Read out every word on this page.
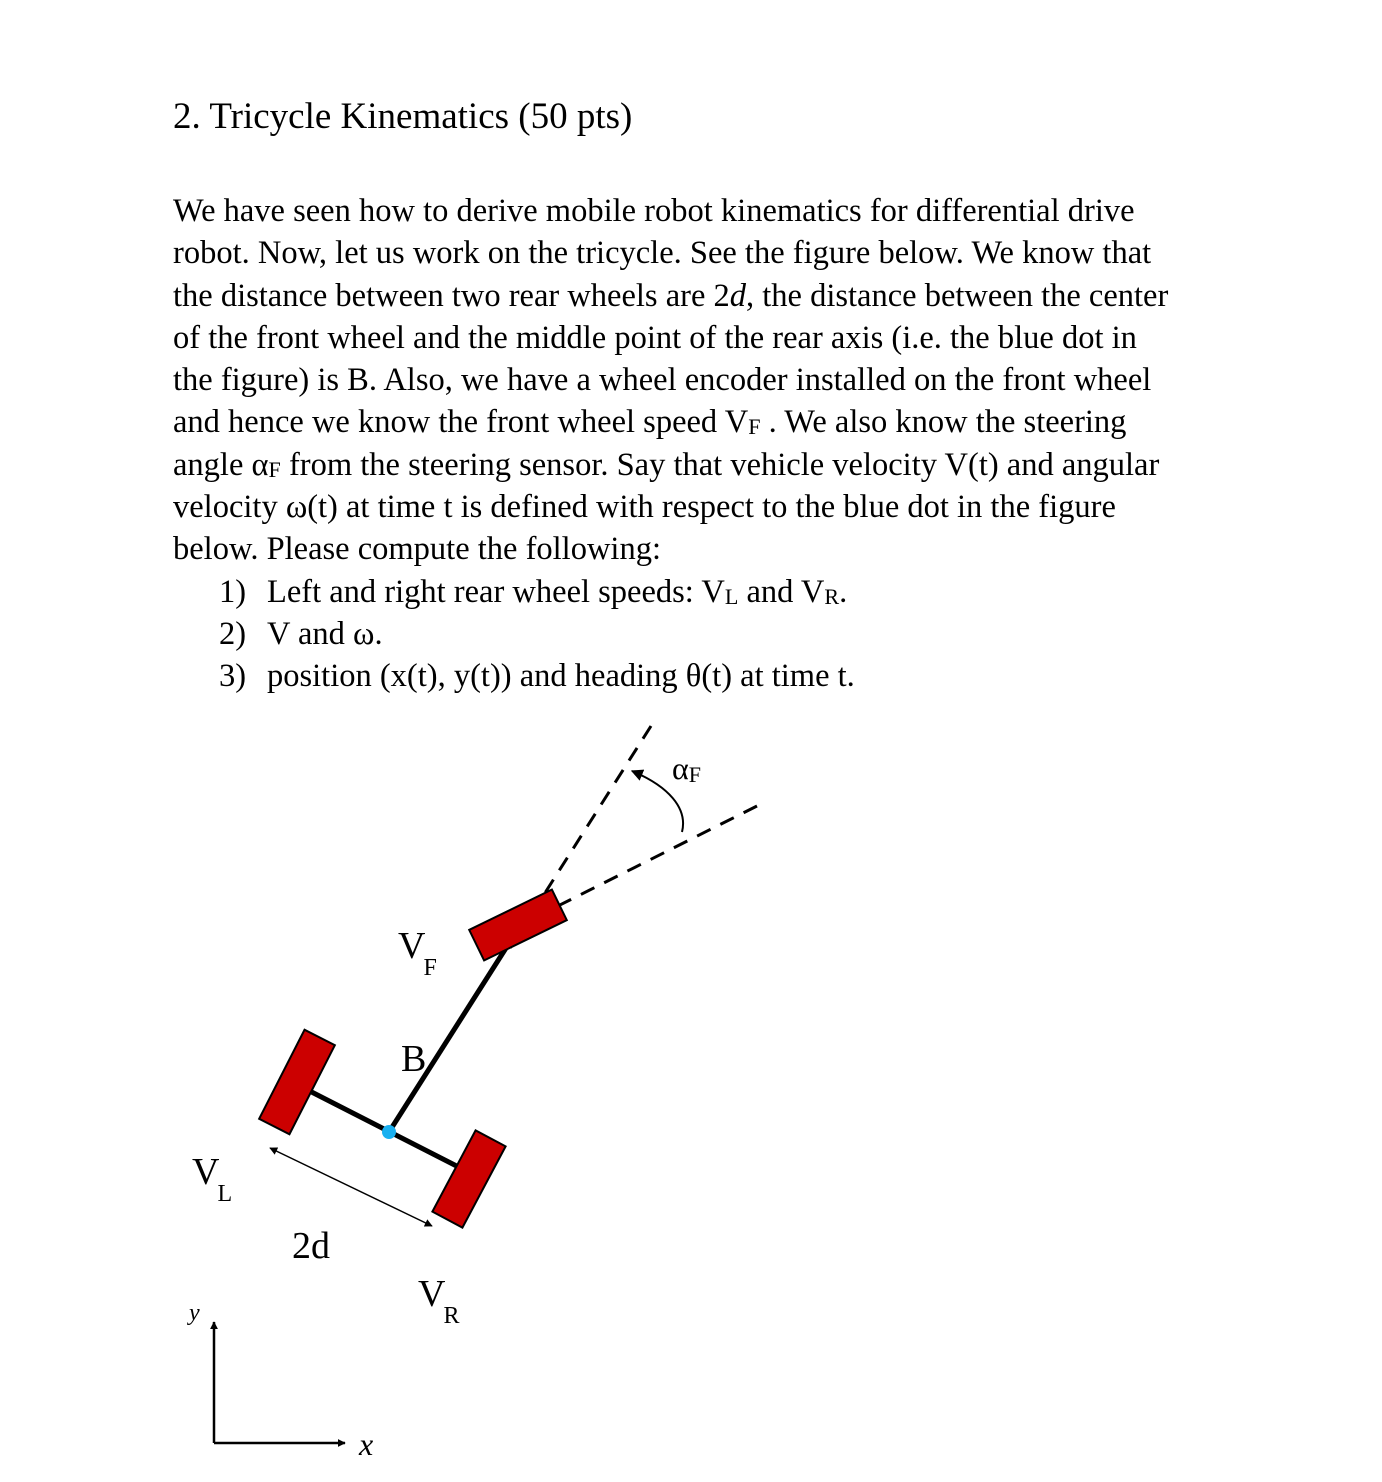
2. Tricycle Kinematics (50 pts)
We have seen how to derive mobile robot kinematics for differential drive
robot. Now, let us work on the tricycle. See the figure below. We know that
the distance between two rear wheels are 2d, the distance between the center
of the front wheel and the middle point of the rear axis (i.e. the blue dot in
the figure) is B. Also, we have a wheel encoder installed on the front wheel
and hence we know the front wheel speed $V_F$ . We also know the steering
angle $\alpha_F$ from the steering sensor. Say that vehicle velocity V(t) and angular
velocity ω(t) at time t is defined with respect to the blue dot in the figure
below. Please compute the following:
1) Left and right rear wheel speeds: $V_L$ and $V_R$.
2) V and ω.
3) position (x(t), y(t)) and heading θ(t) at time t.
αF
V F
B
V L
2d
V R
y
x
